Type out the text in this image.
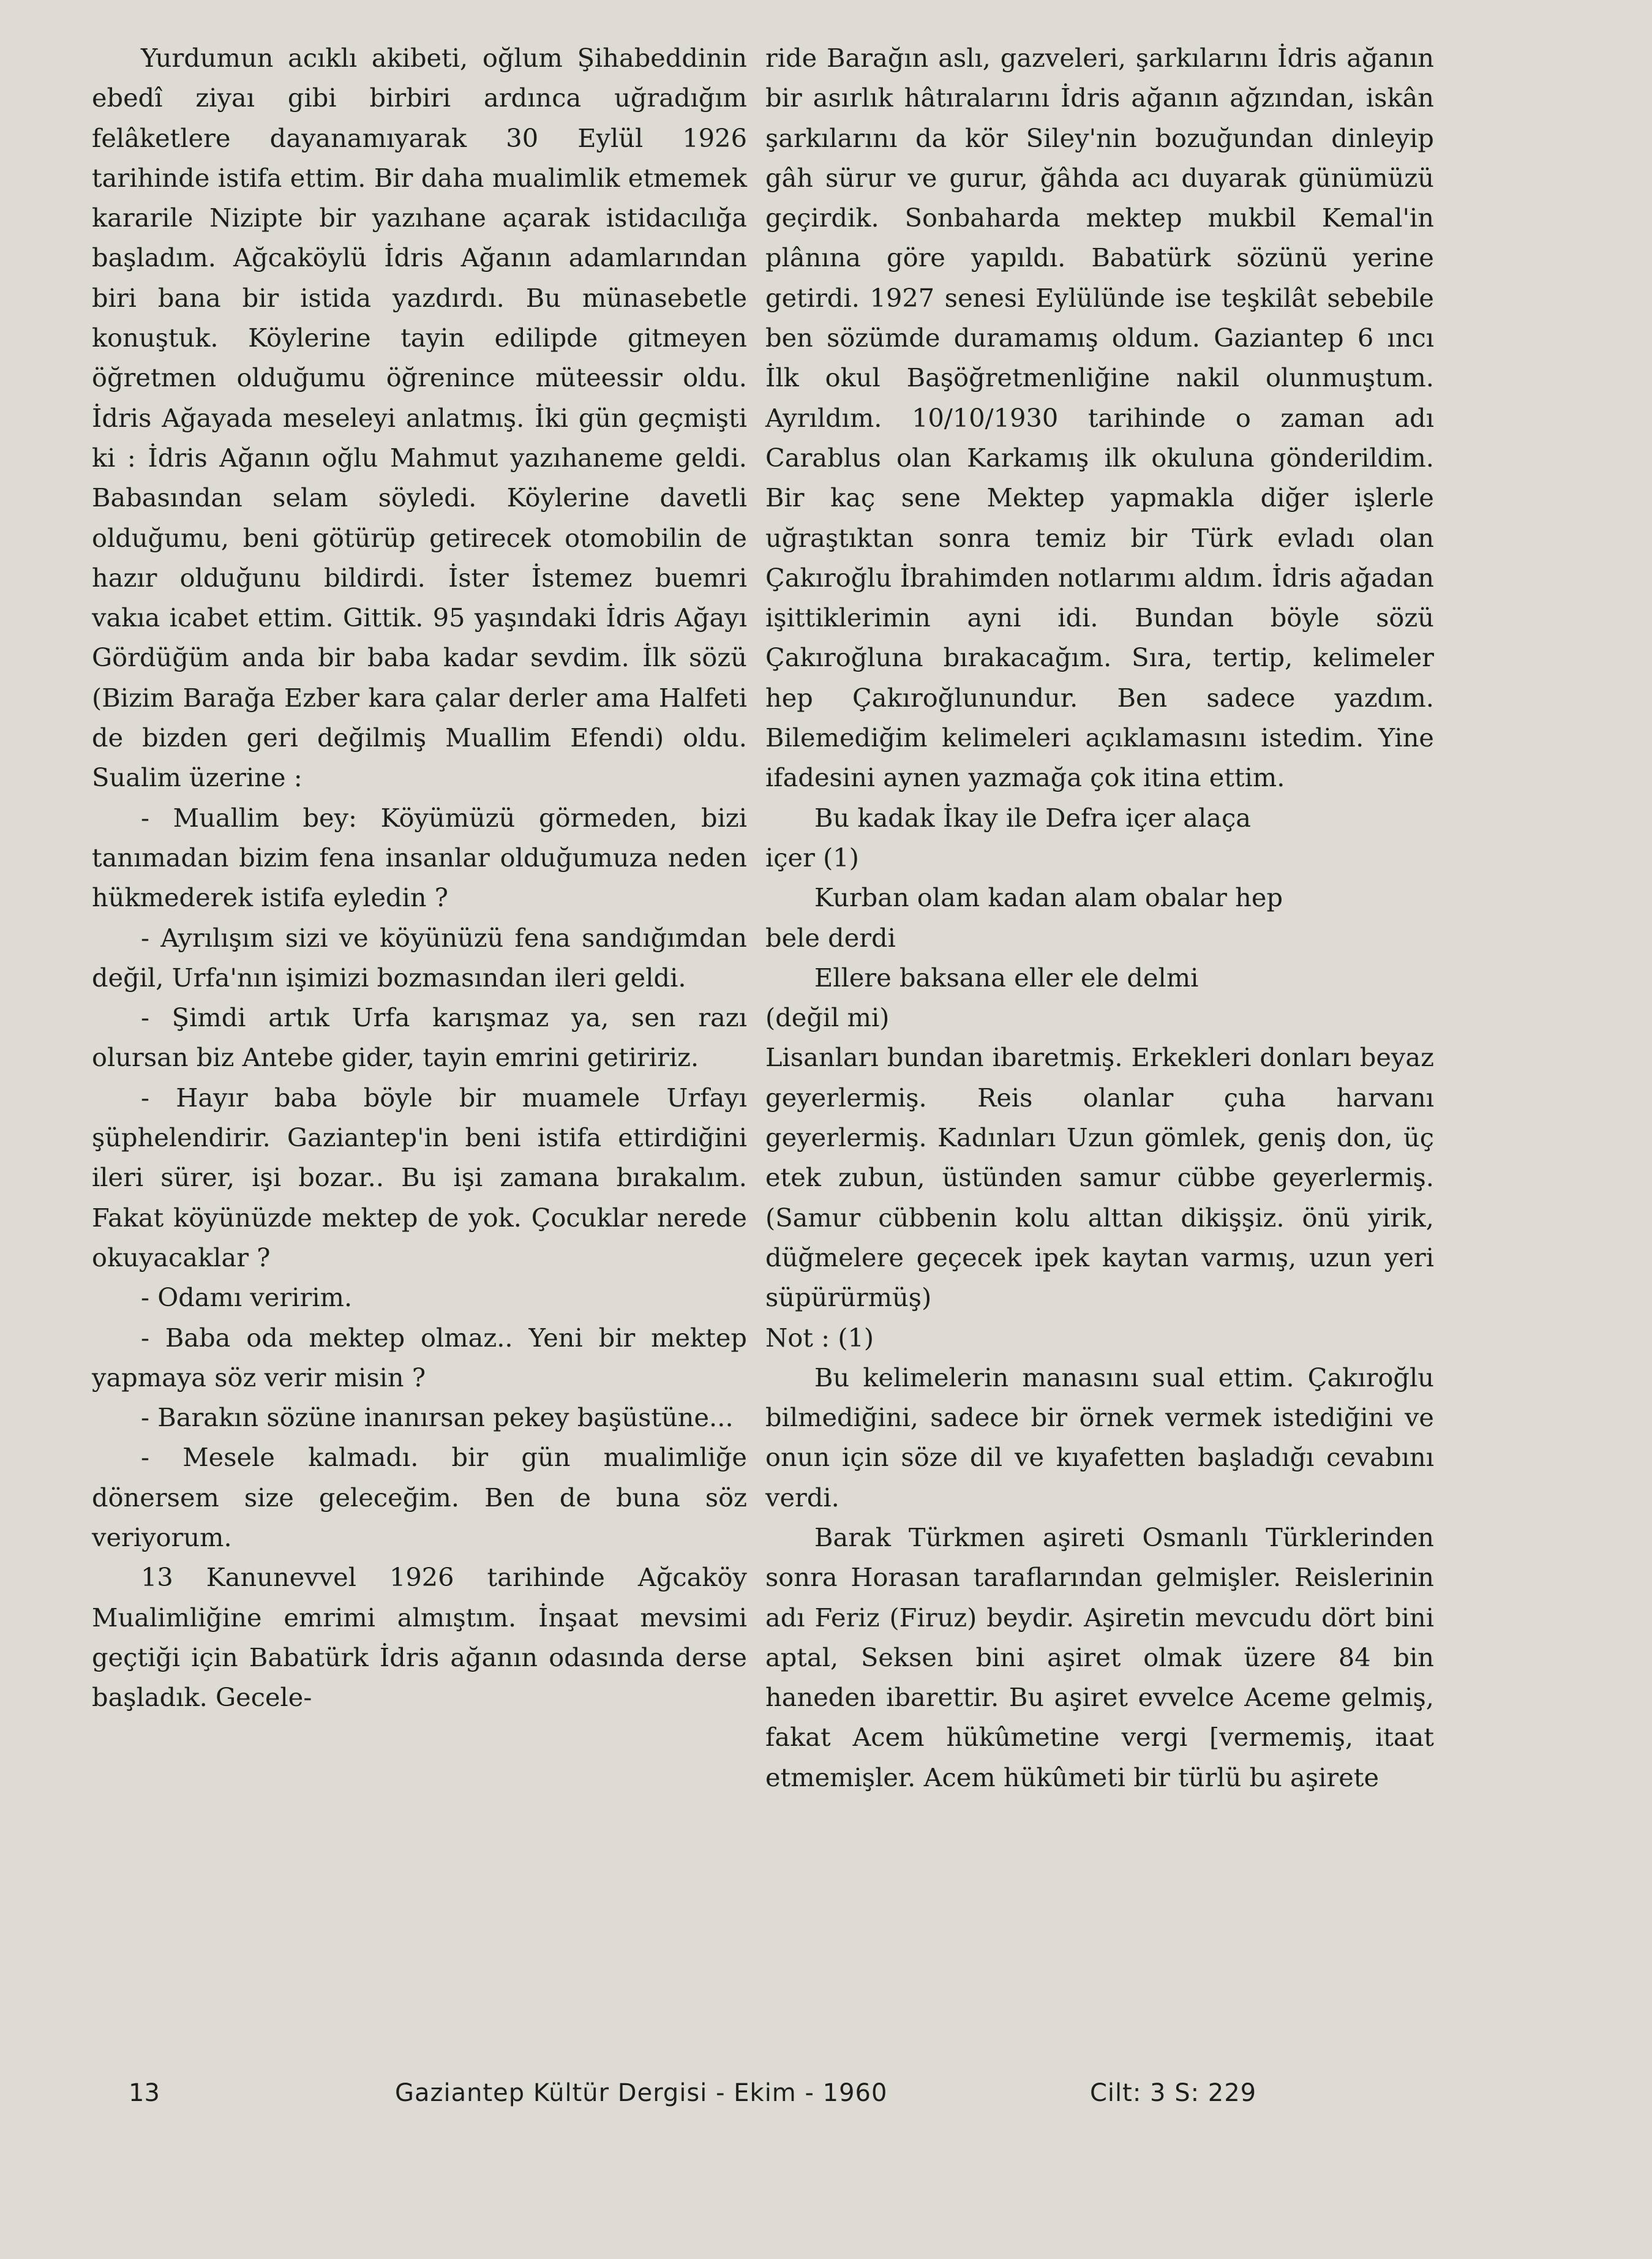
Yurdumun acıklı akibeti, oğlum Şihabeddinin ebedî ziyaı gibi birbiri ardınca uğradığım felâketlere dayanamıyarak 30 Eylül 1926 tarihinde istifa ettim. Bir daha mualimlik etmemek kararile Nizipte bir yazıhane açarak istidacılığa başladım. Ağcaköylü İdris Ağanın adamlarından biri bana bir istida yazdırdı. Bu münasebetle konuştuk. Köylerine tayin edilipde gitmeyen öğretmen olduğumu öğrenince müteessir oldu. İdris Ağayada meseleyi anlatmış. İki gün geçmişti ki : İdris Ağanın oğlu Mahmut yazıhaneme geldi. Babasından selam söyledi. Köylerine davetli olduğumu, beni götürüp getirecek otomobilin de hazır olduğunu bildirdi. İster İstemez buemri vakıa icabet ettim. Gittik. 95 yaşındaki İdris Ağayı Gördüğüm anda bir baba kadar sevdim. İlk sözü (Bizim Barağa Ezber kara çalar derler ama Halfeti de bizden geri değilmiş Muallim Efendi) oldu. Sualim üzerine :

- Muallim bey: Köyümüzü görmeden, bizi tanımadan bizim fena insanlar olduğumuza neden hükmederek istifa eyledin ?

- Ayrılışım sizi ve köyünüzü fena sandığımdan değil, Urfa'nın işimizi bozmasından ileri geldi.

- Şimdi artık Urfa karışmaz ya, sen razı olursan biz Antebe gider, tayin emrini getiririz.

- Hayır baba böyle bir muamele Urfayı şüphelendirir. Gaziantep'in beni istifa ettirdiğini ileri sürer, işi bozar.. Bu işi zamana bırakalım. Fakat köyünüzde mektep de yok. Çocuklar nerede okuyacaklar ?

- Odamı veririm.

- Baba oda mektep olmaz.. Yeni bir mektep yapmaya söz verir misin ?

- Barakın sözüne inanırsan pekey başüstüne...

- Mesele kalmadı. bir gün mualimliğe dönersem size geleceğim. Ben de buna söz veriyorum.

13 Kanunevvel 1926 tarihinde Ağcaköy Mualimliğine emrimi almıştım. İnşaat mevsimi geçtiği için Babatürk İdris ağanın odasında derse başladık. Gecele-

ride Barağın aslı, gazveleri, şarkılarını İdris ağanın bir asırlık hâtıralarını İdris ağanın ağzından, iskân şarkılarını da kör Siley'nin bozuğundan dinleyip gâh sürur ve gurur, ğâhda acı duyarak günümüzü geçirdik. Sonbaharda mektep mukbil Kemal'in plânına göre yapıldı. Babatürk sözünü yerine getirdi. 1927 senesi Eylülünde ise teşkilât sebebile ben sözümde duramamış oldum. Gaziantep 6 ıncı İlk okul Başöğretmenliğine nakil olunmuştum. Ayrıldım. 10/10/1930 tarihinde o zaman adı Carablus olan Karkamış ilk okuluna gönderildim. Bir kaç sene Mektep yapmakla diğer işlerle uğraştıktan sonra temiz bir Türk evladı olan Çakıroğlu İbrahimden notlarımı aldım. İdris ağadan işittiklerimin ayni idi. Bundan böyle sözü Çakıroğluna bırakacağım. Sıra, tertip, kelimeler hep Çakıroğlunundur. Ben sadece yazdım. Bilemediğim kelimeleri açıklamasını istedim. Yine ifadesini aynen yazmağa çok itina ettim.

Bu kadak İkay ile Defra içer alaça

içer (1)

Kurban olam kadan alam obalar hep

bele derdi

Ellere baksana eller ele delmi

(değil mi)

Lisanları bundan ibaretmiş. Erkekleri donları beyaz geyerlermiş. Reis olanlar çuha harvanı geyerlermiş. Kadınları Uzun gömlek, geniş don, üç etek zubun, üstünden samur cübbe geyerlermiş. (Samur cübbenin kolu alttan dikişşiz. önü yirik, düğmelere geçecek ipek kaytan varmış, uzun yeri süpürürmüş)

Not : (1)

Bu kelimelerin manasını sual ettim. Çakıroğlu bilmediğini, sadece bir örnek vermek istediğini ve onun için söze dil ve kıyafetten başladığı cevabını verdi.

Barak Türkmen aşireti Osmanlı Türklerinden sonra Horasan taraflarından gelmişler. Reislerinin adı Feriz (Firuz) beydir. Aşiretin mevcudu dört bini aptal, Seksen bini aşiret olmak üzere 84 bin haneden ibarettir. Bu aşiret evvelce Aceme gelmiş, fakat Acem hükûmetine vergi [vermemiş, itaat etmemişler. Acem hükûmeti bir türlü bu aşirete

13	Gaziantep Kültür Dergisi - Ekim - 1960	Cilt: 3 S: 229
